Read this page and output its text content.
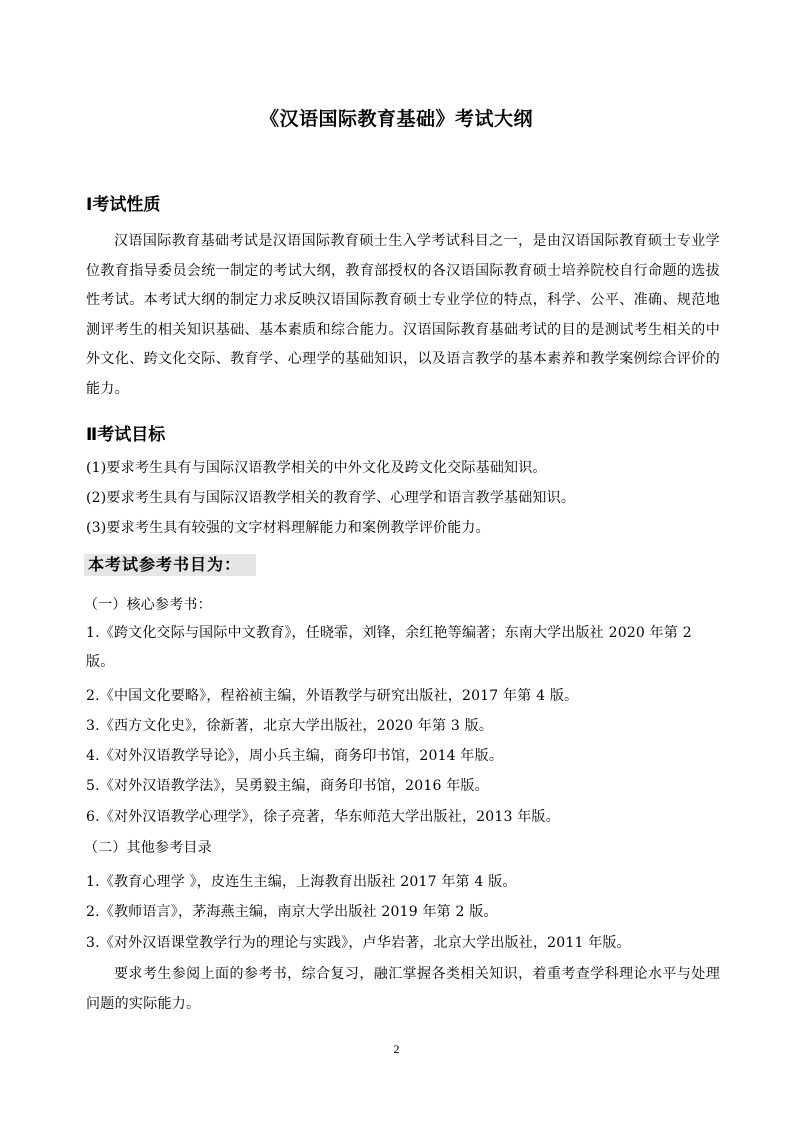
《汉语国际教育基础》考试大纲
Ⅰ考试性质
汉语国际教育基础考试是汉语国际教育硕士生入学考试科目之一，是由汉语国际教育硕士专业学位教育指导委员会统一制定的考试大纲，教育部授权的各汉语国际教育硕士培养院校自行命题的选拔性考试。本考试大纲的制定力求反映汉语国际教育硕士专业学位的特点，科学、公平、准确、规范地测评考生的相关知识基础、基本素质和综合能力。汉语国际教育基础考试的目的是测试考生相关的中外文化、跨文化交际、教育学、心理学的基础知识，以及语言教学的基本素养和教学案例综合评价的能力。
Ⅱ考试目标
(1)要求考生具有与国际汉语教学相关的中外文化及跨文化交际基础知识。
(2)要求考生具有与国际汉语教学相关的教育学、心理学和语言教学基础知识。
(3)要求考生具有较强的文字材料理解能力和案例教学评价能力。
本考试参考书目为：
（一）核心参考书：
1.《跨文化交际与国际中文教育》，任晓霏，刘锋，余红艳等编著；东南大学出版社 2020 年第 2 版。
2.《中国文化要略》，程裕祯主编，外语教学与研究出版社，2017 年第 4 版。
3.《西方文化史》，徐新著，北京大学出版社，2020 年第 3 版。
4.《对外汉语教学导论》，周小兵主编，商务印书馆，2014 年版。
5.《对外汉语教学法》，吴勇毅主编，商务印书馆，2016 年版。
6.《对外汉语教学心理学》，徐子亮著，华东师范大学出版社，2013 年版。
（二）其他参考目录
1.《教育心理学 》，皮连生主编，上海教育出版社 2017 年第 4 版。
2.《教师语言》，茅海燕主编，南京大学出版社 2019 年第 2 版。
3.《对外汉语课堂教学行为的理论与实践》，卢华岩著，北京大学出版社，2011 年版。
要求考生参阅上面的参考书，综合复习，融汇掌握各类相关知识，着重考查学科理论水平与处理问题的实际能力。
2
